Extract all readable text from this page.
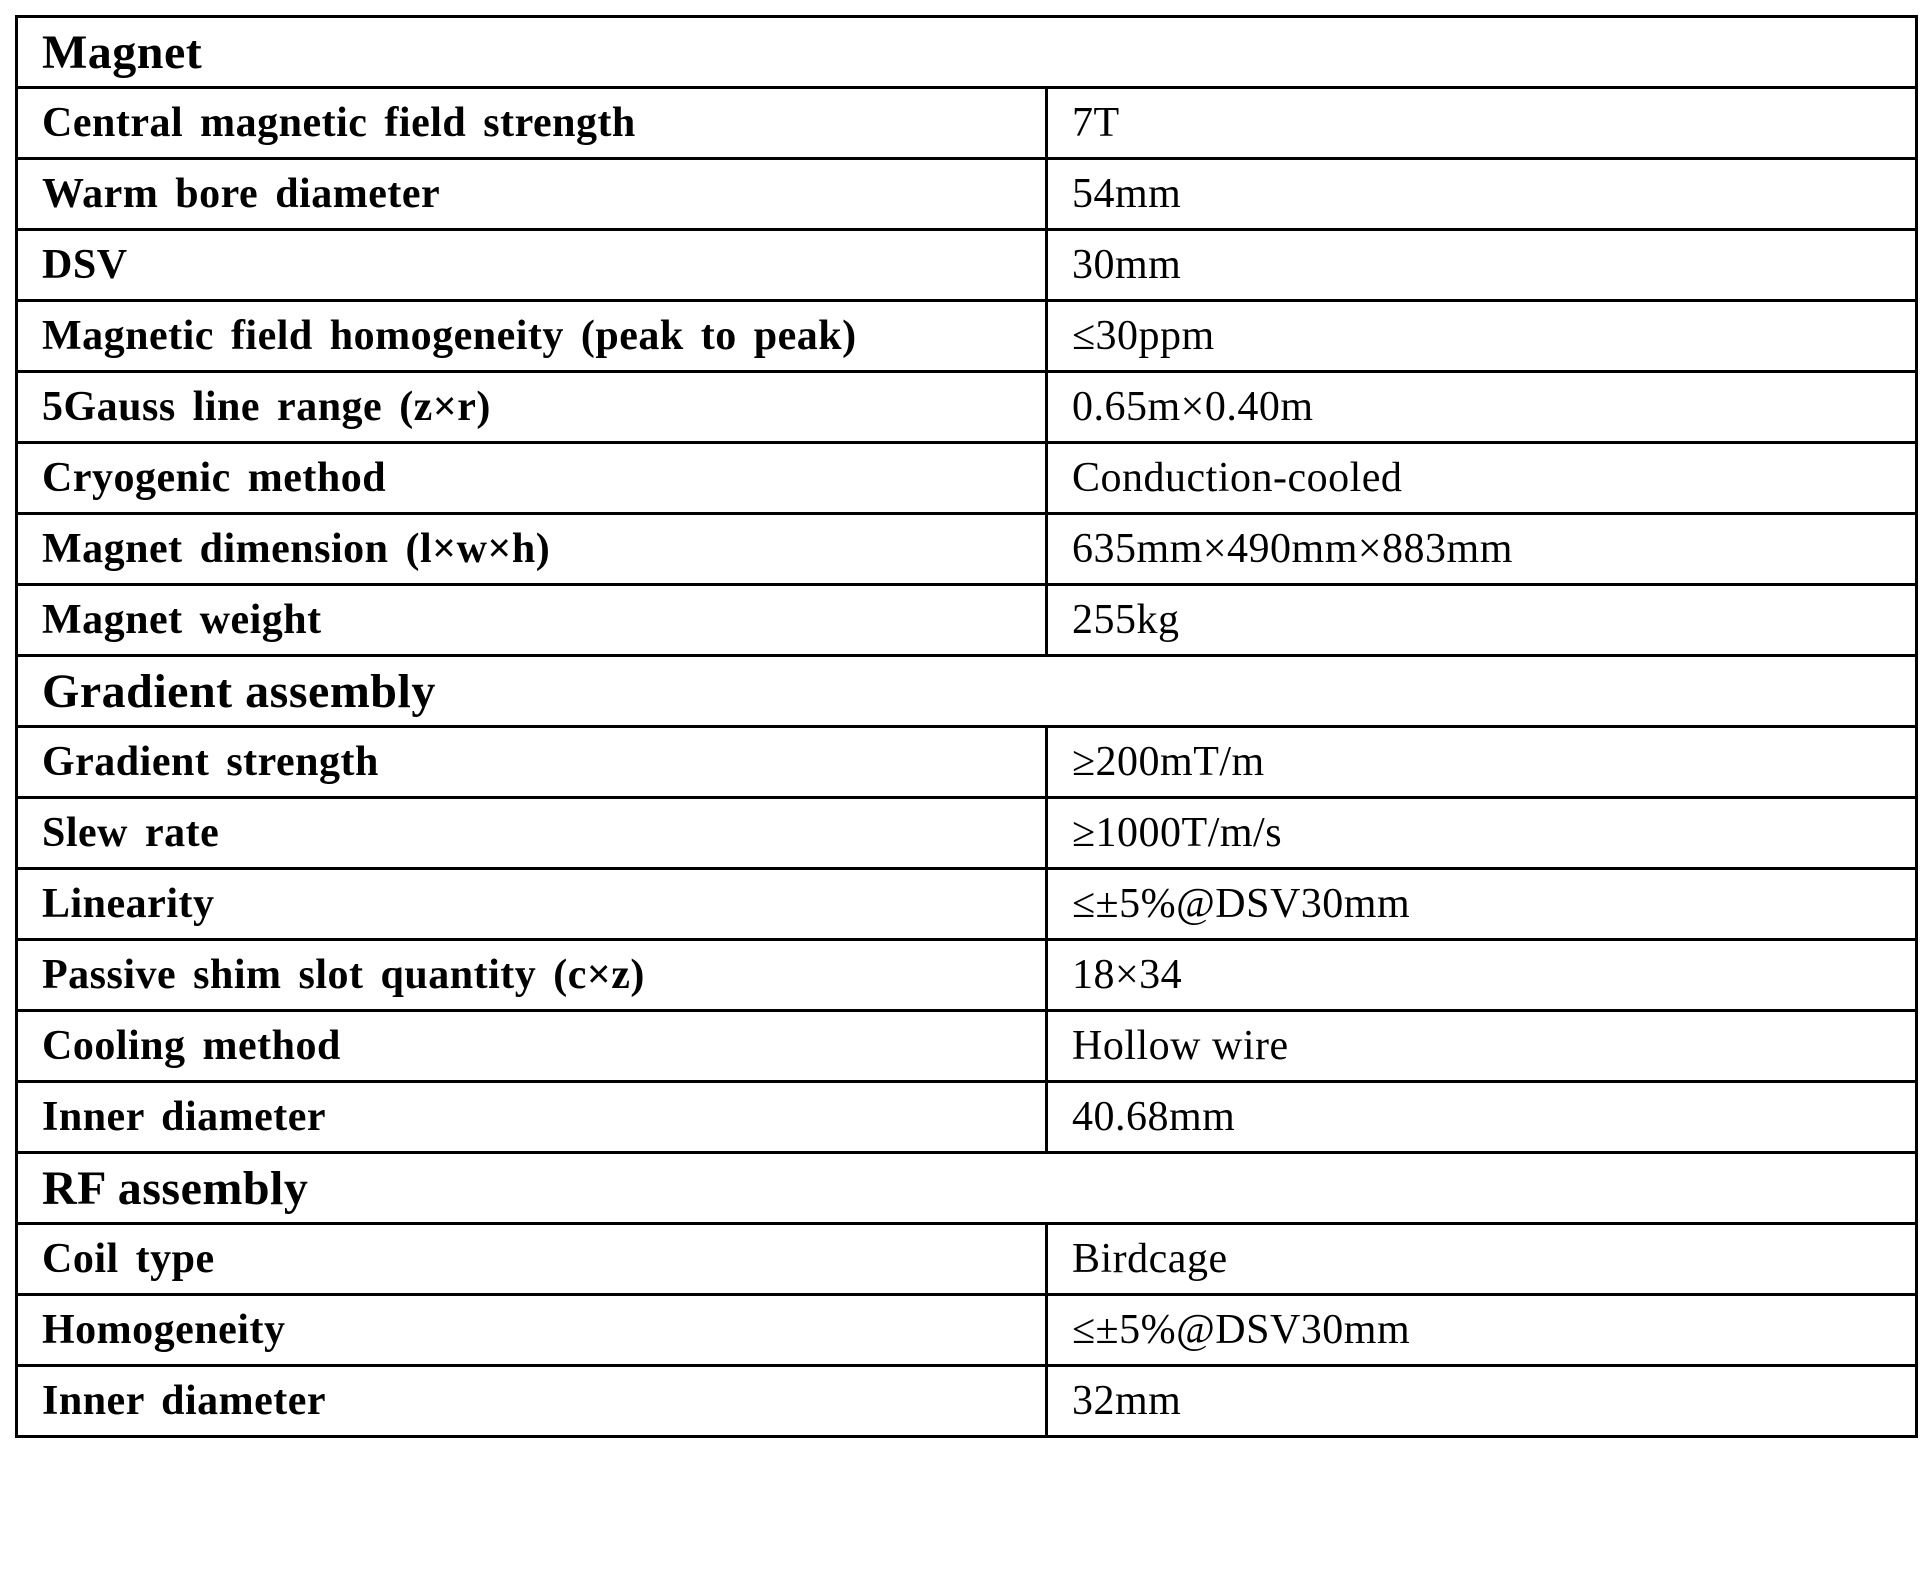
Magnet	
Central magnetic field strength	7T
Warm bore diameter	54mm
DSV	30mm
Magnetic field homogeneity (peak to peak)	≤30ppm
5Gauss line range (z×r)	0.65m×0.40m
Cryogenic method	Conduction-cooled
Magnet dimension (l×w×h)	635mm×490mm×883mm
Magnet weight	255kg
Gradient assembly	
Gradient strength	≥200mT/m
Slew rate	≥1000T/m/s
Linearity	≤±5%@DSV30mm
Passive shim slot quantity (c×z)	18×34
Cooling method	Hollow wire
Inner diameter	40.68mm
RF assembly	
Coil type	Birdcage
Homogeneity	≤±5%@DSV30mm
Inner diameter	32mm
